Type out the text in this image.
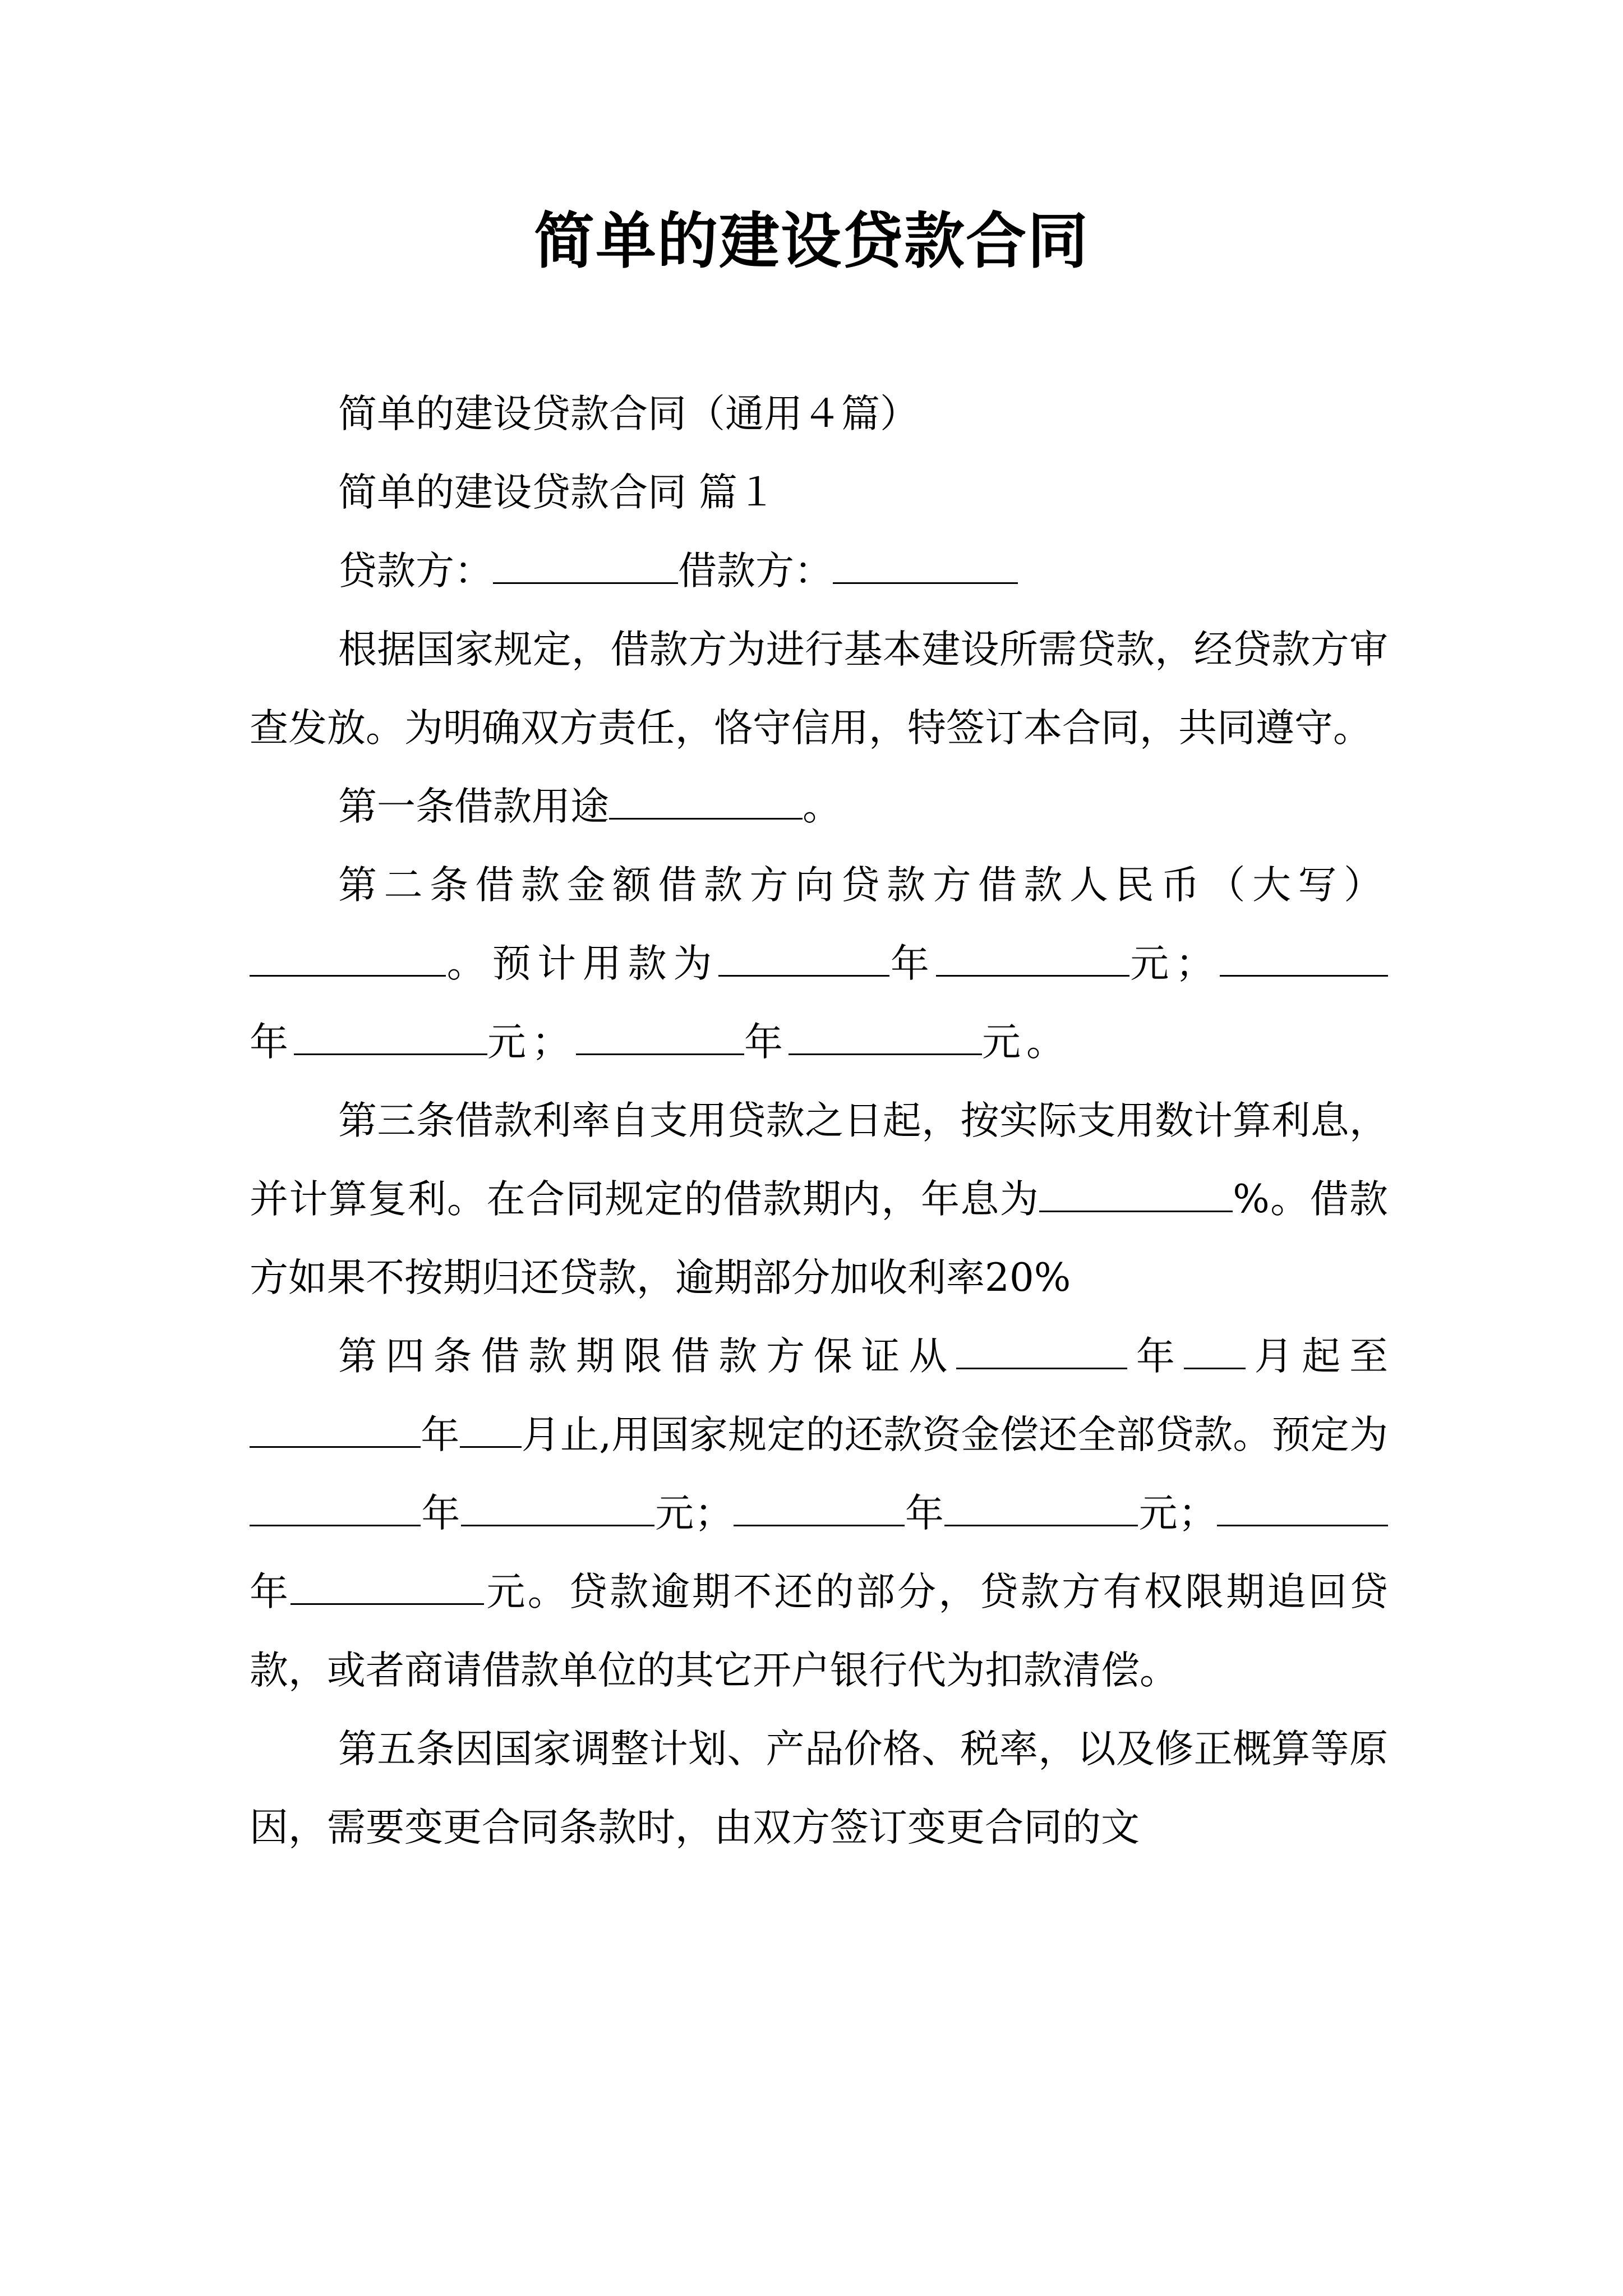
简单的建设贷款合同

简单的建设贷款合同（通用４篇）

简单的建设贷款合同 篇１

贷款方：	借款方：

根据国家规定，借款方为进行基本建设所需贷款，经贷款方审查发放。为明确双方责任，恪守信用，特签订本合同，共同遵守。

第一条借款用途	。

第二条借款金额借款方向贷款方借款人民币（大写）。预计用款为	年	元；年	元；	年	元。

第三条借款利率自支用贷款之日起，按实际支用数计算利息，并计算复利。在合同规定的借款期内，年息为	%。借款方如果不按期归还贷款，逾期部分加收利率20%

第四条借款期限借款方保证从	年 月起至年 月止,用国家规定的还款资金偿还全部贷款。预定为年	元；	年	元；年	元。贷款逾期不还的部分，贷款方有权限期追回贷款，或者商请借款单位的其它开户银行代为扣款清偿。

第五条因国家调整计划、产品价格、税率，以及修正概算等原因，需要变更合同条款时，由双方签订变更合同的文
